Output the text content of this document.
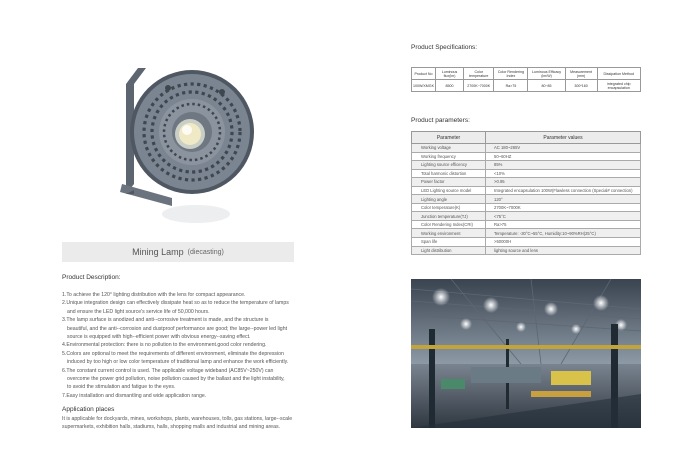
Mining Lamp (diecasting)
Product Description:
1.To achieve the 120° lighting distribution with the lens for compact appearance.
2.Unique integration design can effectively dissipate heat so as to reduce the temperature of lamps
and ensure the LED light source's service life of 50,000 hours.
3.The lamp surface is anodized and anti--corrosive treatment is made, and the structure is
beautiful, and the anti--corrosion and dustproof performance are good; the large--power led light
source is equipped with high--efficient power with obvious energy--saving effect.
4.Environmental protection: there is no pollution to the environment.good color rendering.
5.Colors are optional to meet the requirements of different environment, eliminate the depression
induced by too high or low color temperature of traditional lamp and enhance the work efficiently.
6.The constant current control is used. The applicable voltage wideband (AC85V~250V) can
overcome the power grid pollution, noise pollution caused by the ballast and the light instability,
to avoid the stimulation and fatigue to the eyes.
7.Easy installation and dismantling and wide application range.
Application places
It is applicable for dockyards, mines, workshops, plants, warehouses, tolls, gas stations, large--scale supermarkets, exhibition halls, stadiums, halls, shopping malls and industrial and mining areas.
Product Specifications:
Product No	Luminous flux(lm)	Color temperature	Color Rendering Index	Luminous Efficacy (lm/W)	Measurement (mm)	Dissipation Method
100W/XMGK	8500	2700K~7000K	Ra>75	80~85	300*160	integrated chip encapsulation
Product parameters:
Parameter	Parameter values
Working voltage	AC 180~265V
Working frequency	50~60HZ
Lighting source efficency	85%
Total harmonic distortion	<10%
Power factor	>0.95
LED Lighting source model	Integrated encapsulation 100W(Flawless connection (Special# connection)
Lighting angle	120°
Color temperature(K)	2700K~7000K
Junction temperature(TJ)	<75°C
Color Rendering Index(CRI)	Ra>75
Working environment	Temperature: -30°C~55°C, Humidity:10~90%RH(25°C)
Span life	>50000H
Light distribution	lighting source and lens
